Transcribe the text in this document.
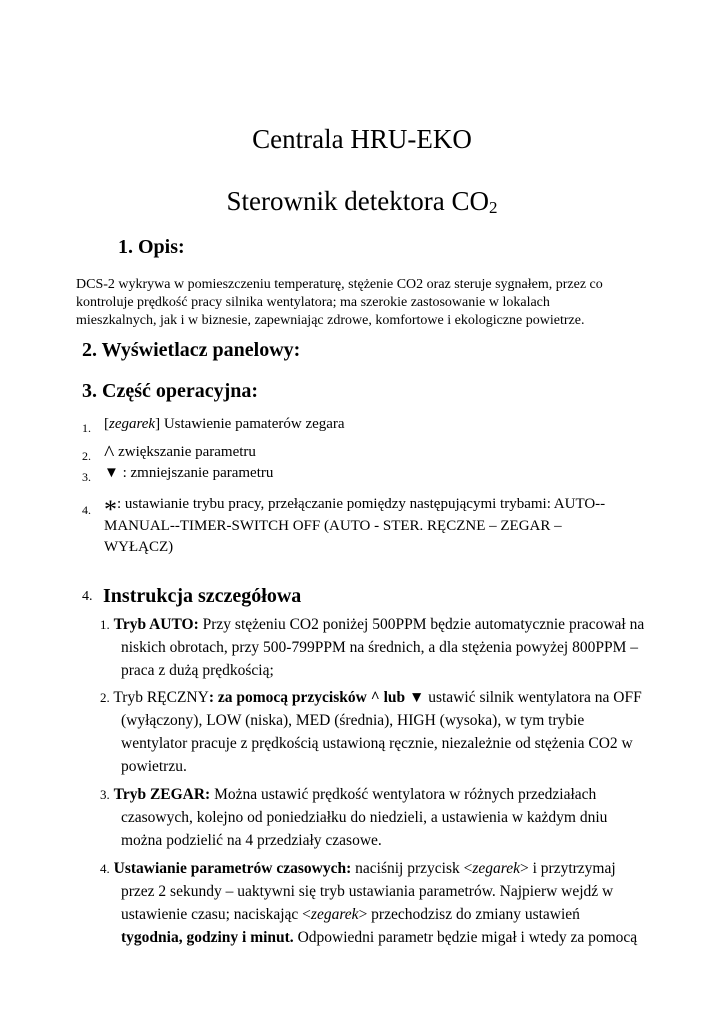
Centrala HRU-EKO
Sterownik detektora $CO_2$
1. Opis:
DCS-2 wykrywa w pomieszczeniu temperaturę, stężenie CO2 oraz steruje sygnałem, przez co
kontroluje prędkość pracy silnika wentylatora; ma szerokie zastosowanie w lokalach
mieszkalnych, jak i w biznesie, zapewniając zdrowe, komfortowe i ekologiczne powietrze.
2. Wyświetlacz panelowy:
3. Część operacyjna:
1. [zegarek] Ustawienie pamaterów zegara
2. ^ zwiększanie parametru
3. ▼ : zmniejszanie parametru
4. *: ustawianie trybu pracy, przełączanie pomiędzy następującymi trybami: AUTO--
MANUAL--TIMER-SWITCH OFF (AUTO - STER. RĘCZNE – ZEGAR –
WYŁĄCZ)
4. Instrukcja szczegółowa
1. Tryb AUTO: Przy stężeniu CO2 poniżej 500PPM będzie automatycznie pracował na
niskich obrotach, przy 500-799PPM na średnich, a dla stężenia powyżej 800PPM –
praca z dużą prędkością;
2. Tryb RĘCZNY: za pomocą przycisków ^ lub ▼ ustawić silnik wentylatora na OFF
(wyłączony), LOW (niska), MED (średnia), HIGH (wysoka), w tym trybie
wentylator pracuje z prędkością ustawioną ręcznie, niezależnie od stężenia CO2 w
powietrzu.
3. Tryb ZEGAR: Można ustawić prędkość wentylatora w różnych przedziałach
czasowych, kolejno od poniedziałku do niedzieli, a ustawienia w każdym dniu
można podzielić na 4 przedziały czasowe.
4. Ustawianie parametrów czasowych: naciśnij przycisk <zegarek> i przytrzymaj
przez 2 sekundy – uaktywni się tryb ustawiania parametrów. Najpierw wejdź w
ustawienie czasu; naciskając <zegarek> przechodzisz do zmiany ustawień
tygodnia, godziny i minut. Odpowiedni parametr będzie migał i wtedy za pomocą
